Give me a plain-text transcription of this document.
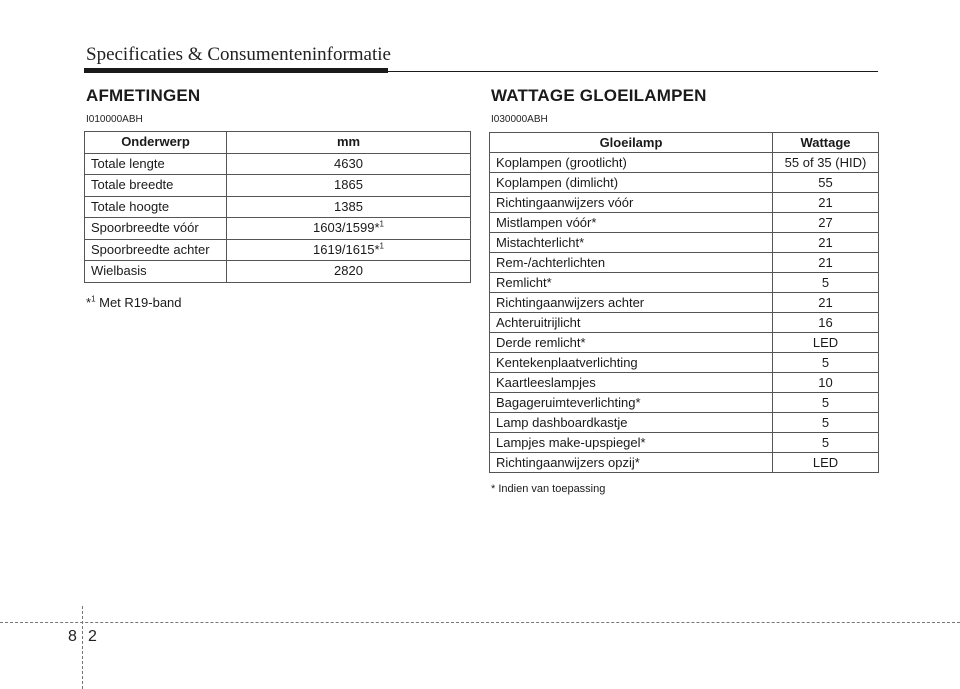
Specificaties & Consumenteninformatie
AFMETINGEN
I010000ABH
Onderwerp	mm
Totale lengte	4630
Totale breedte	1865
Totale hoogte	1385
Spoorbreedte vóór	1603/1599*$^1$
Spoorbreedte achter	1619/1615*$^1$
Wielbasis	2820
*$^1$ Met R19-band
WATTAGE GLOEILAMPEN
I030000ABH
Gloeilamp	Wattage
Koplampen (grootlicht)	55 of 35 (HID)
Koplampen (dimlicht)	55
Richtingaanwijzers vóór	21
Mistlampen vóór*	27
Mistachterlicht*	21
Rem-/achterlichten	21
Remlicht*	5
Richtingaanwijzers achter	21
Achteruitrijlicht	16
Derde remlicht*	LED
Kentekenplaatverlichting	5
Kaartleeslampjes	10
Bagageruimteverlichting*	5
Lamp dashboardkastje	5
Lampjes make-upspiegel*	5
Richtingaanwijzers opzij*	LED
* Indien van toepassing
8 2
